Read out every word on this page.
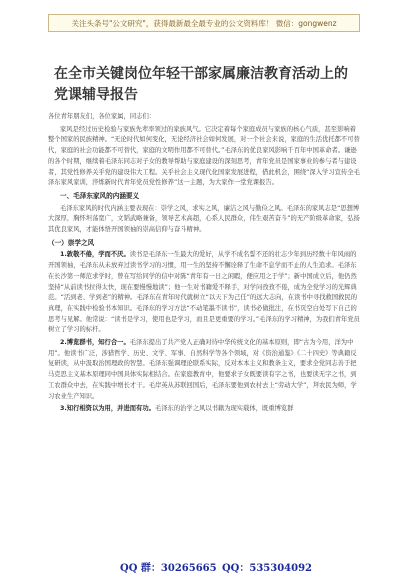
关注头条号"公文研究"，获得最新最全最专业的公文资料库！ 微信：gongwenz
在全市关键岗位年轻干部家属廉洁教育活动上的党课辅导报告

各位青年朋友们，各位家属，同志们：

家风是经过历史检验与家族先辈率领过的家族风气。它决定着每个家庭成员与家族的核心气质，甚至影响着整个国家的民族精神。“无论时代如何变化，无论经济社会如何发展，对一个社会来说，家庭的生活优托都不可替代，家庭的社会功能都不可替代，家庭的文明作用都不可替代。”毛泽东的优良家风影响千百年中国革命者。谦逊的各个时期，继续着毛泽东同志对子女的教导帮助与家庭建设的深刻思考，青年党员是国家事业的参与者与建设者，其党性修养关乎党的建设伟大工程。关乎社会主义现代化国家发展进程，借此机会，围绕“深入学习宣传全毛泽东家风家训，淬炼新时代青年党员党性修养”这一主题，为大家作一堂党课报告。

一、毛泽东家风的内涵要义

毛泽东家风的时代内涵主要表现在：崇学之风，求实之风，廉洁之风与勤俭之风。毛泽东的家风志是“思想博大深厚，胸怀坦荡宽广，文韬武略兼备，领导艺术高超，心系人民群众，伟生艰苦奋斗”的无产阶级革命家，弘扬其优良家风，才能体悟开国领袖的崇高信仰与奋斗精神。

（一）崇学之风

1.敦敬不倦，学而不厌。读书是毛泽东一生最大的爱好，从学不成名誓不还的壮志少年到历经数十年风雨的开国领袖，毛泽东从未放弃过读书学习的习惯，用一生的坚持不懈诠释了生命不息学而不止的人生追求。毛泽东在长沙第一师范求学时，曾在写给同学的信中对陈“青年有一日之闲暇，便应用之于学”；新中国成立后，他仍然坚持“从前读书拉得太快，现在要慢慢地读”；他一生对书籍爱不释手，对学问孜孜不倦，成为全党学习的光辉典范。“活到老、学到老”的精神。毛泽东在青年时代就树立“以天下为己任”的远大志向，在读书中寻找救国救民的真理，在实践中检验书本知识。毛泽东的学习方法“不动笔墨不读书”，读书必做批注，在书页空白处写下自己的思考与见解。他常说：“读书是学习，使用也是学习，而且是更重要的学习。”毛泽东的学习精神，为我们青年党员树立了学习的标杆。

2.博览群书，知行合一。毛泽东提出了共产党人正确对待中华传统文化的基本原则，即“古为今用，洋为中用”。他读书广泛，涉猎哲学、历史、文学、军事、自然科学等各个领域，对《资治通鉴》《二十四史》等典籍反复研读，从中汲取治国理政的智慧。毛泽东强调理论联系实际，反对本本主义和教条主义，要求全党同志善于把马克思主义基本原理同中国具体实际相结合。在家庭教育中，他要求子女既要读有字之书，也要读无字之书，到工农群众中去，在实践中增长才干。毛岸英从苏联回国后，毛泽东要他到农村去上“劳动大学”，拜农民为师，学习农业生产知识。

3.知行相资以为用，并进而有功。毛泽东的治学之风以书籍为现实载体，既重博览群

QQ 群：30265665 QQ：535304092
